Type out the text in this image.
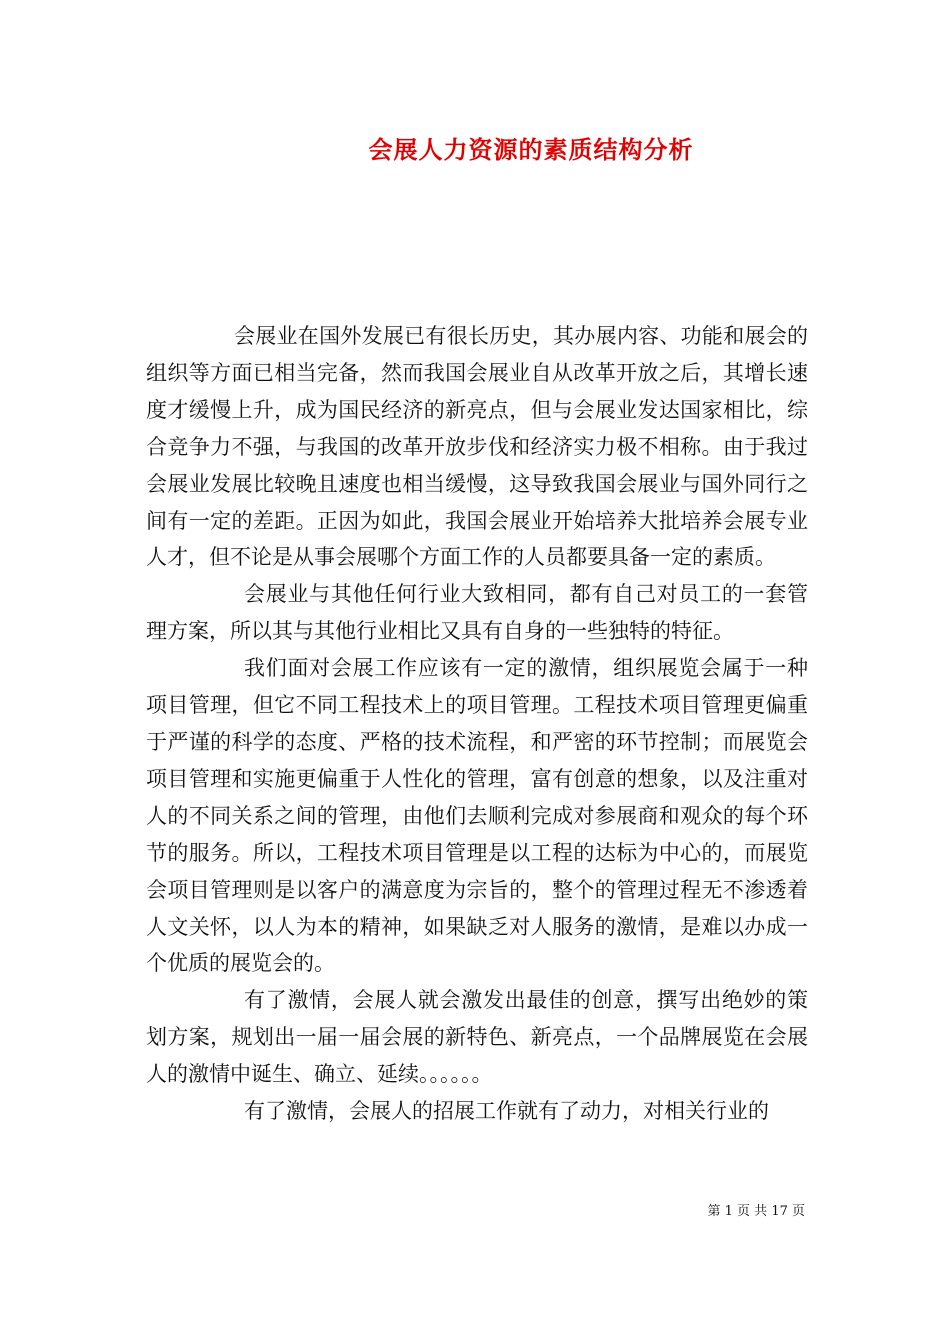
会展人力资源的素质结构分析

会展业在国外发展已有很长历史，其办展内容、功能和展会的组织等方面已相当完备，然而我国会展业自从改革开放之后，其增长速度才缓慢上升，成为国民经济的新亮点，但与会展业发达国家相比，综合竞争力不强，与我国的改革开放步伐和经济实力极不相称。由于我过会展业发展比较晚且速度也相当缓慢，这导致我国会展业与国外同行之间有一定的差距。正因为如此，我国会展业开始培养大批培养会展专业人才，但不论是从事会展哪个方面工作的人员都要具备一定的素质。

会展业与其他任何行业大致相同，都有自己对员工的一套管理方案，所以其与其他行业相比又具有自身的一些独特的特征。

我们面对会展工作应该有一定的激情，组织展览会属于一种项目管理，但它不同工程技术上的项目管理。工程技术项目管理更偏重于严谨的科学的态度、严格的技术流程，和严密的环节控制；而展览会项目管理和实施更偏重于人性化的管理，富有创意的想象，以及注重对人的不同关系之间的管理，由他们去顺利完成对参展商和观众的每个环节的服务。所以，工程技术项目管理是以工程的达标为中心的，而展览会项目管理则是以客户的满意度为宗旨的，整个的管理过程无不渗透着人文关怀，以人为本的精神，如果缺乏对人服务的激情，是难以办成一个优质的展览会的。

有了激情，会展人就会激发出最佳的创意，撰写出绝妙的策划方案，规划出一届一届会展的新特色、新亮点，一个品牌展览在会展人的激情中诞生、确立、延续。。。。。。

有了激情，会展人的招展工作就有了动力，对相关行业的

第 1 页 共 17 页
